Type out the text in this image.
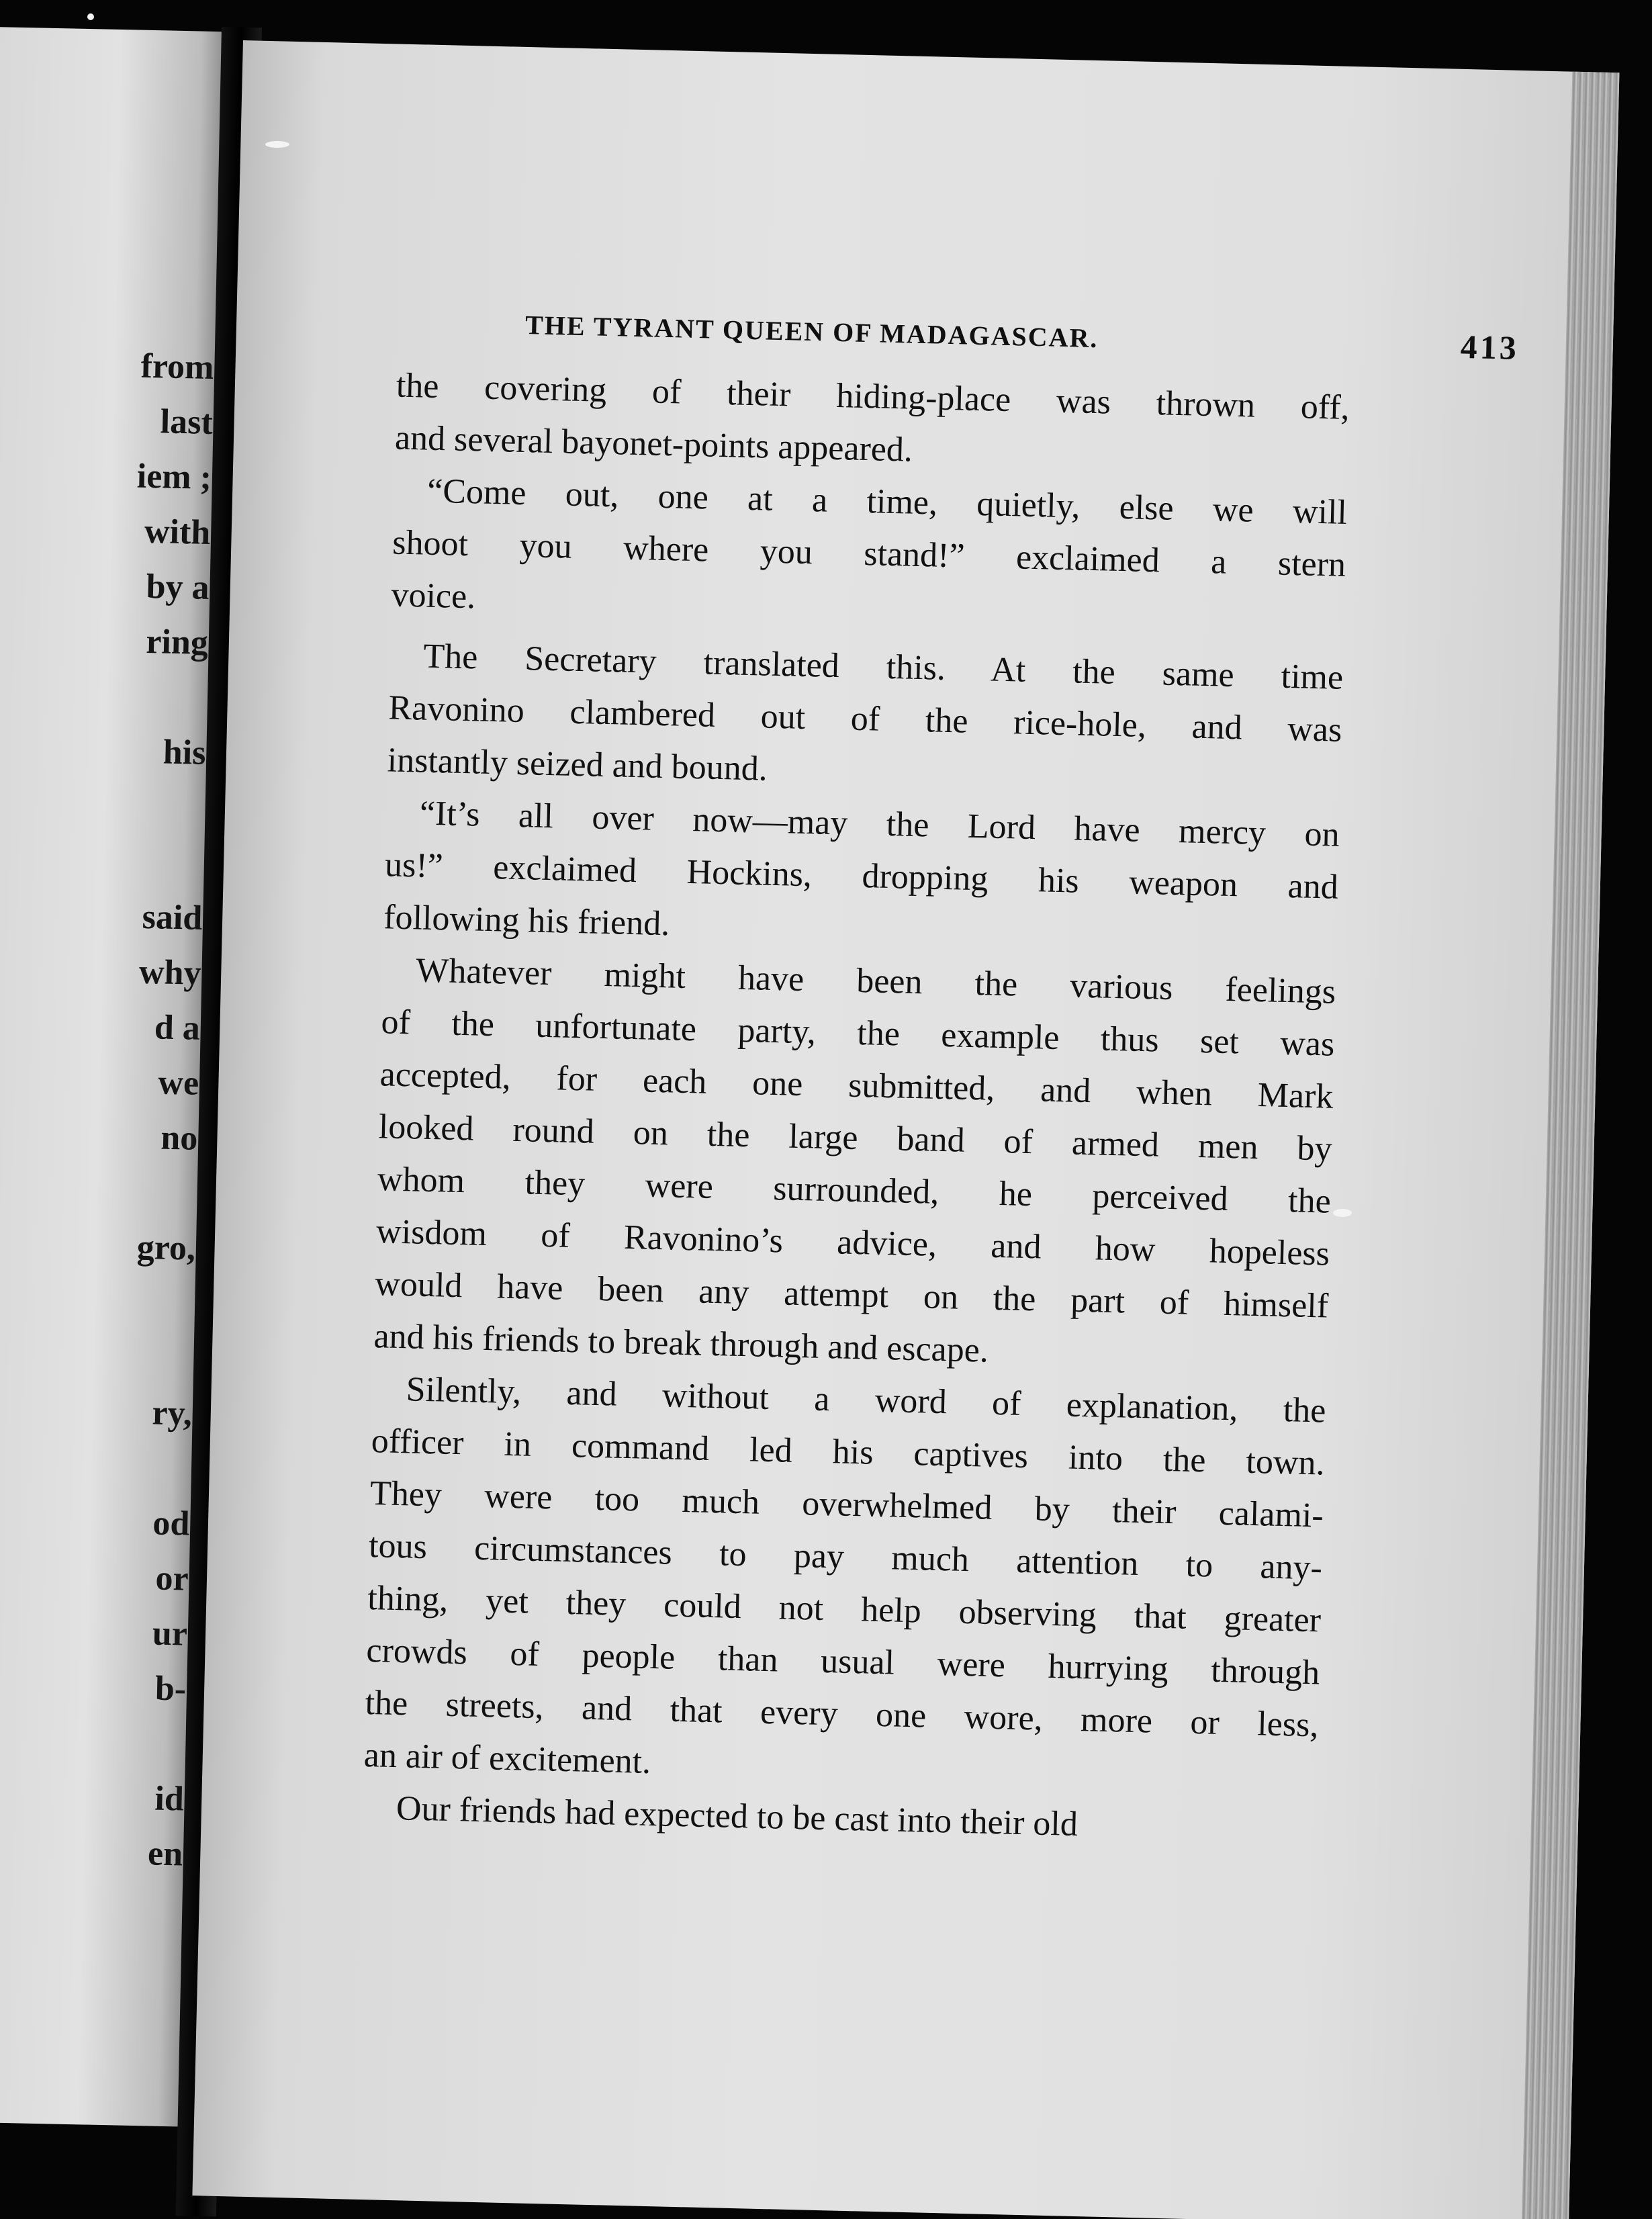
from
last
iem ;
with
by a
ring
his
said
why
d a
we
no
gro,
ry,
od
or
ur
b-
id
en
THE TYRANT QUEEN OF MADAGASCAR.	413
the covering of their hiding-place was thrown off,
and several bayonet-points appeared.
“Come out, one at a time, quietly, else we will
shoot you where you stand!” exclaimed a stern
voice.
The Secretary translated this. At the same time
Ravonino clambered out of the rice-hole, and was
instantly seized and bound.
“It’s all over now—may the Lord have mercy on
us!” exclaimed Hockins, dropping his weapon and
following his friend.
Whatever might have been the various feelings
of the unfortunate party, the example thus set was
accepted, for each one submitted, and when Mark
looked round on the large band of armed men by
whom they were surrounded, he perceived the
wisdom of Ravonino’s advice, and how hopeless
would have been any attempt on the part of himself
and his friends to break through and escape.
Silently, and without a word of explanation, the
officer in command led his captives into the town.
They were too much overwhelmed by their calami-
tous circumstances to pay much attention to any-
thing, yet they could not help observing that greater
crowds of people than usual were hurrying through
the streets, and that every one wore, more or less,
an air of excitement.
Our friends had expected to be cast into their old
